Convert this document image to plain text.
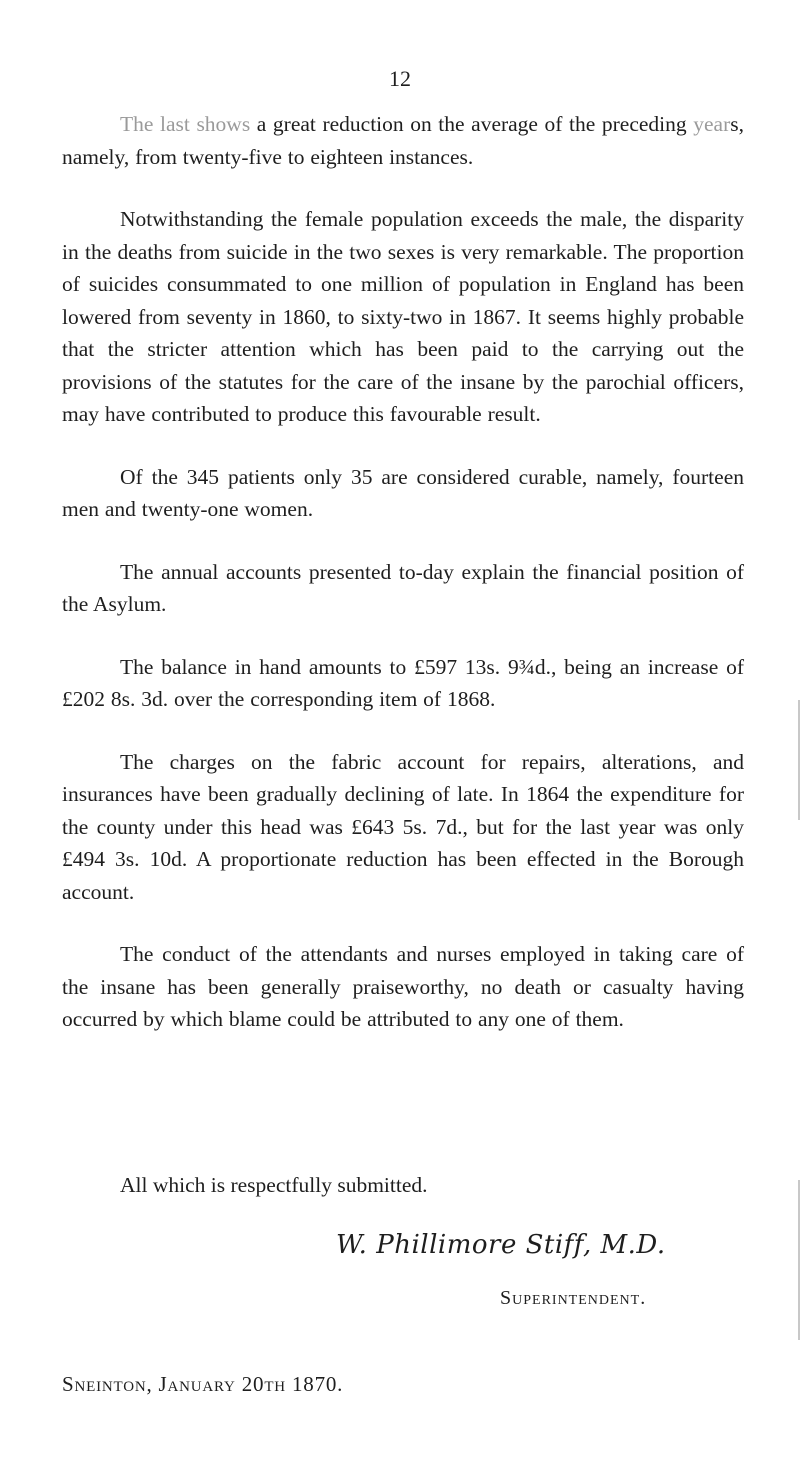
12

The last shows a great reduction on the average of the preceding years, namely, from twenty-five to eighteen instances.

Notwithstanding the female population exceeds the male, the disparity in the deaths from suicide in the two sexes is very remarkable. The proportion of suicides consummated to one million of population in England has been lowered from seventy in 1860, to sixty-two in 1867. It seems highly probable that the stricter attention which has been paid to the carrying out the provisions of the statutes for the care of the insane by the parochial officers, may have contributed to produce this favourable result.

Of the 345 patients only 35 are considered curable, namely, fourteen men and twenty-one women.

The annual accounts presented to-day explain the financial position of the Asylum.

The balance in hand amounts to £597 13s. 9¾d., being an increase of £202 8s. 3d. over the corresponding item of 1868.

The charges on the fabric account for repairs, alterations, and insurances have been gradually declining of late. In 1864 the expenditure for the county under this head was £643 5s. 7d., but for the last year was only £494 3s. 10d. A proportionate reduction has been effected in the Borough account.

The conduct of the attendants and nurses employed in taking care of the insane has been generally praiseworthy, no death or casualty having occurred by which blame could be attributed to any one of them.

All which is respectfully submitted.
W. Phillimore Stiff, M.D.
Superintendent.
Sneinton, January 20th 1870.
